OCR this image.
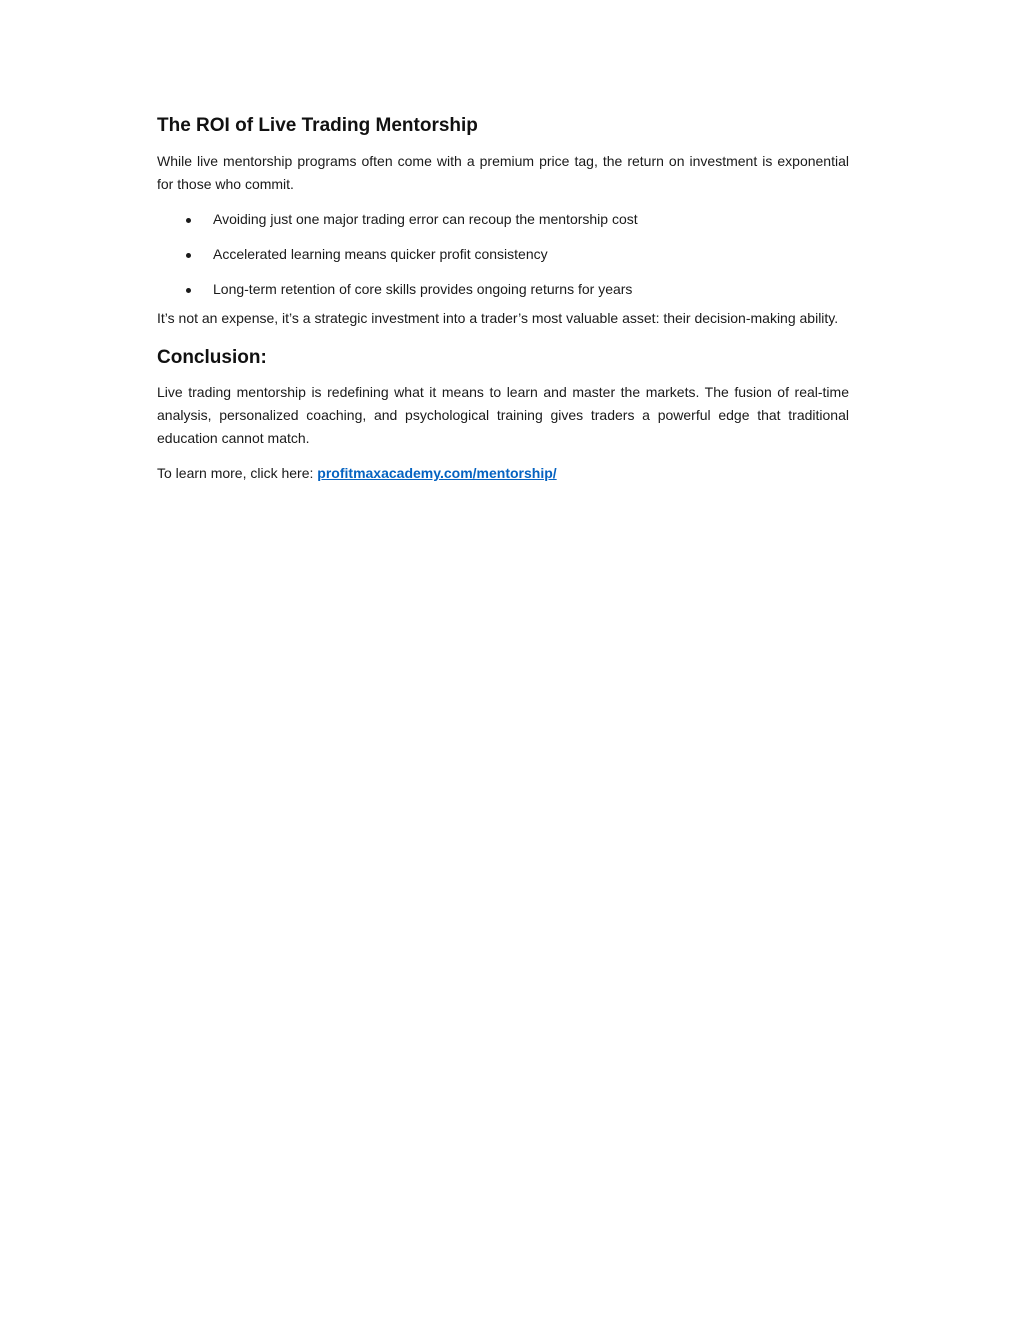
The ROI of Live Trading Mentorship

While live mentorship programs often come with a premium price tag, the return on investment is exponential for those who commit.

Avoiding just one major trading error can recoup the mentorship cost
Accelerated learning means quicker profit consistency
Long-term retention of core skills provides ongoing returns for years

It’s not an expense, it’s a strategic investment into a trader’s most valuable asset: their decision-making ability.

Conclusion:

Live trading mentorship is redefining what it means to learn and master the markets. The fusion of real-time analysis, personalized coaching, and psychological training gives traders a powerful edge that traditional education cannot match.

To learn more, click here: profitmaxacademy.com/mentorship/
